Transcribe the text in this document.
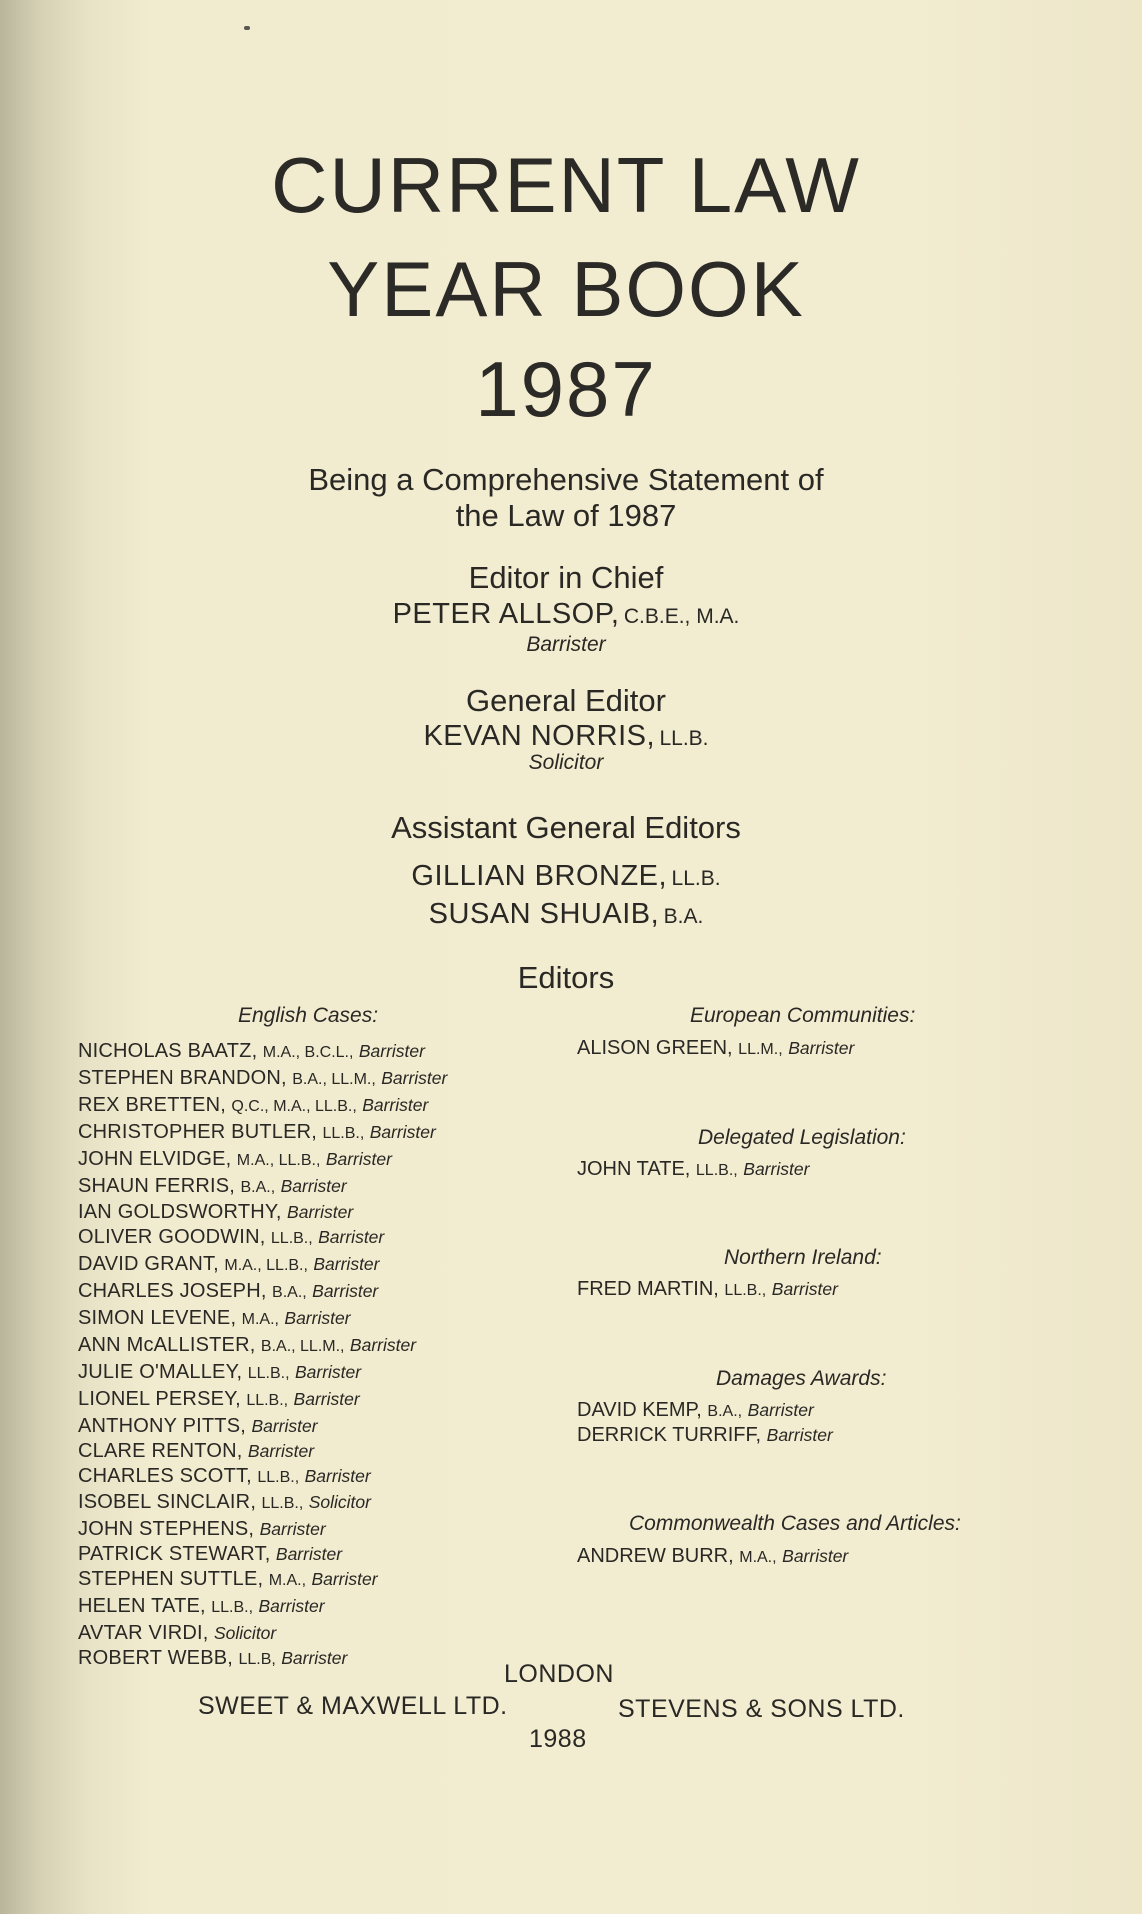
CURRENT LAW
YEAR BOOK
1987
Being a Comprehensive Statement of
the Law of 1987
Editor in Chief
PETER ALLSOP, C.B.E., M.A.
Barrister
General Editor
KEVAN NORRIS, LL.B.
Solicitor
Assistant General Editors
GILLIAN BRONZE, LL.B.
SUSAN SHUAIB, B.A.
Editors
English Cases:
NICHOLAS BAATZ, M.A., B.C.L., Barrister
STEPHEN BRANDON, B.A., LL.M., Barrister
REX BRETTEN, Q.C., M.A., LL.B., Barrister
CHRISTOPHER BUTLER, LL.B., Barrister
JOHN ELVIDGE, M.A., LL.B., Barrister
SHAUN FERRIS, B.A., Barrister
IAN GOLDSWORTHY, Barrister
OLIVER GOODWIN, LL.B., Barrister
DAVID GRANT, M.A., LL.B., Barrister
CHARLES JOSEPH, B.A., Barrister
SIMON LEVENE, M.A., Barrister
ANN McALLISTER, B.A., LL.M., Barrister
JULIE O'MALLEY, LL.B., Barrister
LIONEL PERSEY, LL.B., Barrister
ANTHONY PITTS, Barrister
CLARE RENTON, Barrister
CHARLES SCOTT, LL.B., Barrister
ISOBEL SINCLAIR, LL.B., Solicitor
JOHN STEPHENS, Barrister
PATRICK STEWART, Barrister
STEPHEN SUTTLE, M.A., Barrister
HELEN TATE, LL.B., Barrister
AVTAR VIRDI, Solicitor
ROBERT WEBB, LL.B, Barrister
European Communities:
ALISON GREEN, LL.M., Barrister
Delegated Legislation:
JOHN TATE, LL.B., Barrister
Northern Ireland:
FRED MARTIN, LL.B., Barrister
Damages Awards:
DAVID KEMP, B.A., Barrister
DERRICK TURRIFF, Barrister
Commonwealth Cases and Articles:
ANDREW BURR, M.A., Barrister
LONDON
SWEET & MAXWELL LTD.	STEVENS & SONS LTD.
1988
